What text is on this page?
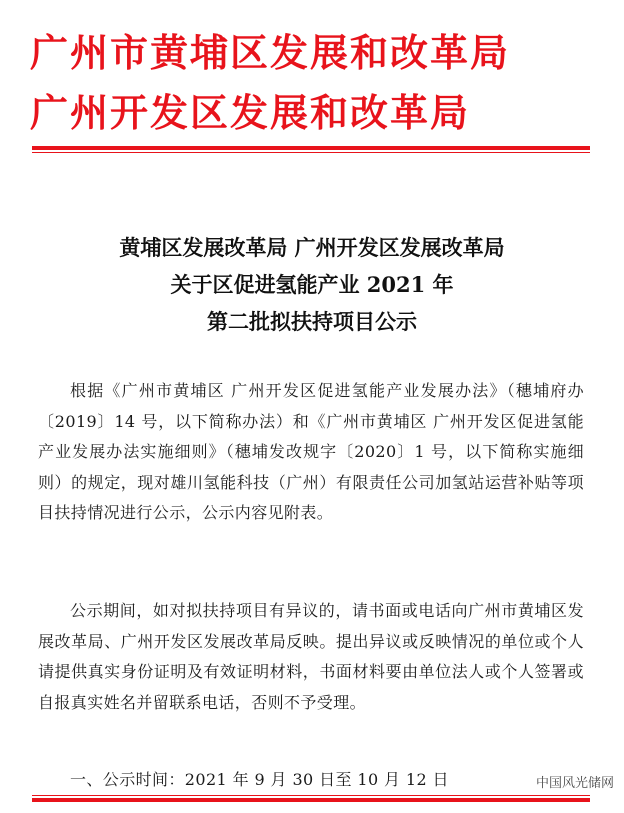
广州市黄埔区发展和改革局
广州开发区发展和改革局
黄埔区发展改革局 广州开发区发展改革局
关于区促进氢能产业 2021 年
第二批拟扶持项目公示
根据《广州市黄埔区 广州开发区促进氢能产业发展办法》（穗埔府办〔2019〕14 号，以下简称办法）和《广州市黄埔区 广州开发区促进氢能产业发展办法实施细则》（穗埔发改规字〔2020〕1 号，以下简称实施细则）的规定，现对雄川氢能科技（广州）有限责任公司加氢站运营补贴等项目扶持情况进行公示，公示内容见附表。
公示期间，如对拟扶持项目有异议的，请书面或电话向广州市黄埔区发展改革局、广州开发区发展改革局反映。提出异议或反映情况的单位或个人请提供真实身份证明及有效证明材料，书面材料要由单位法人或个人签署或自报真实姓名并留联系电话，否则不予受理。
一、公示时间：2021 年 9 月 30 日至 10 月 12 日	中国风光储网
